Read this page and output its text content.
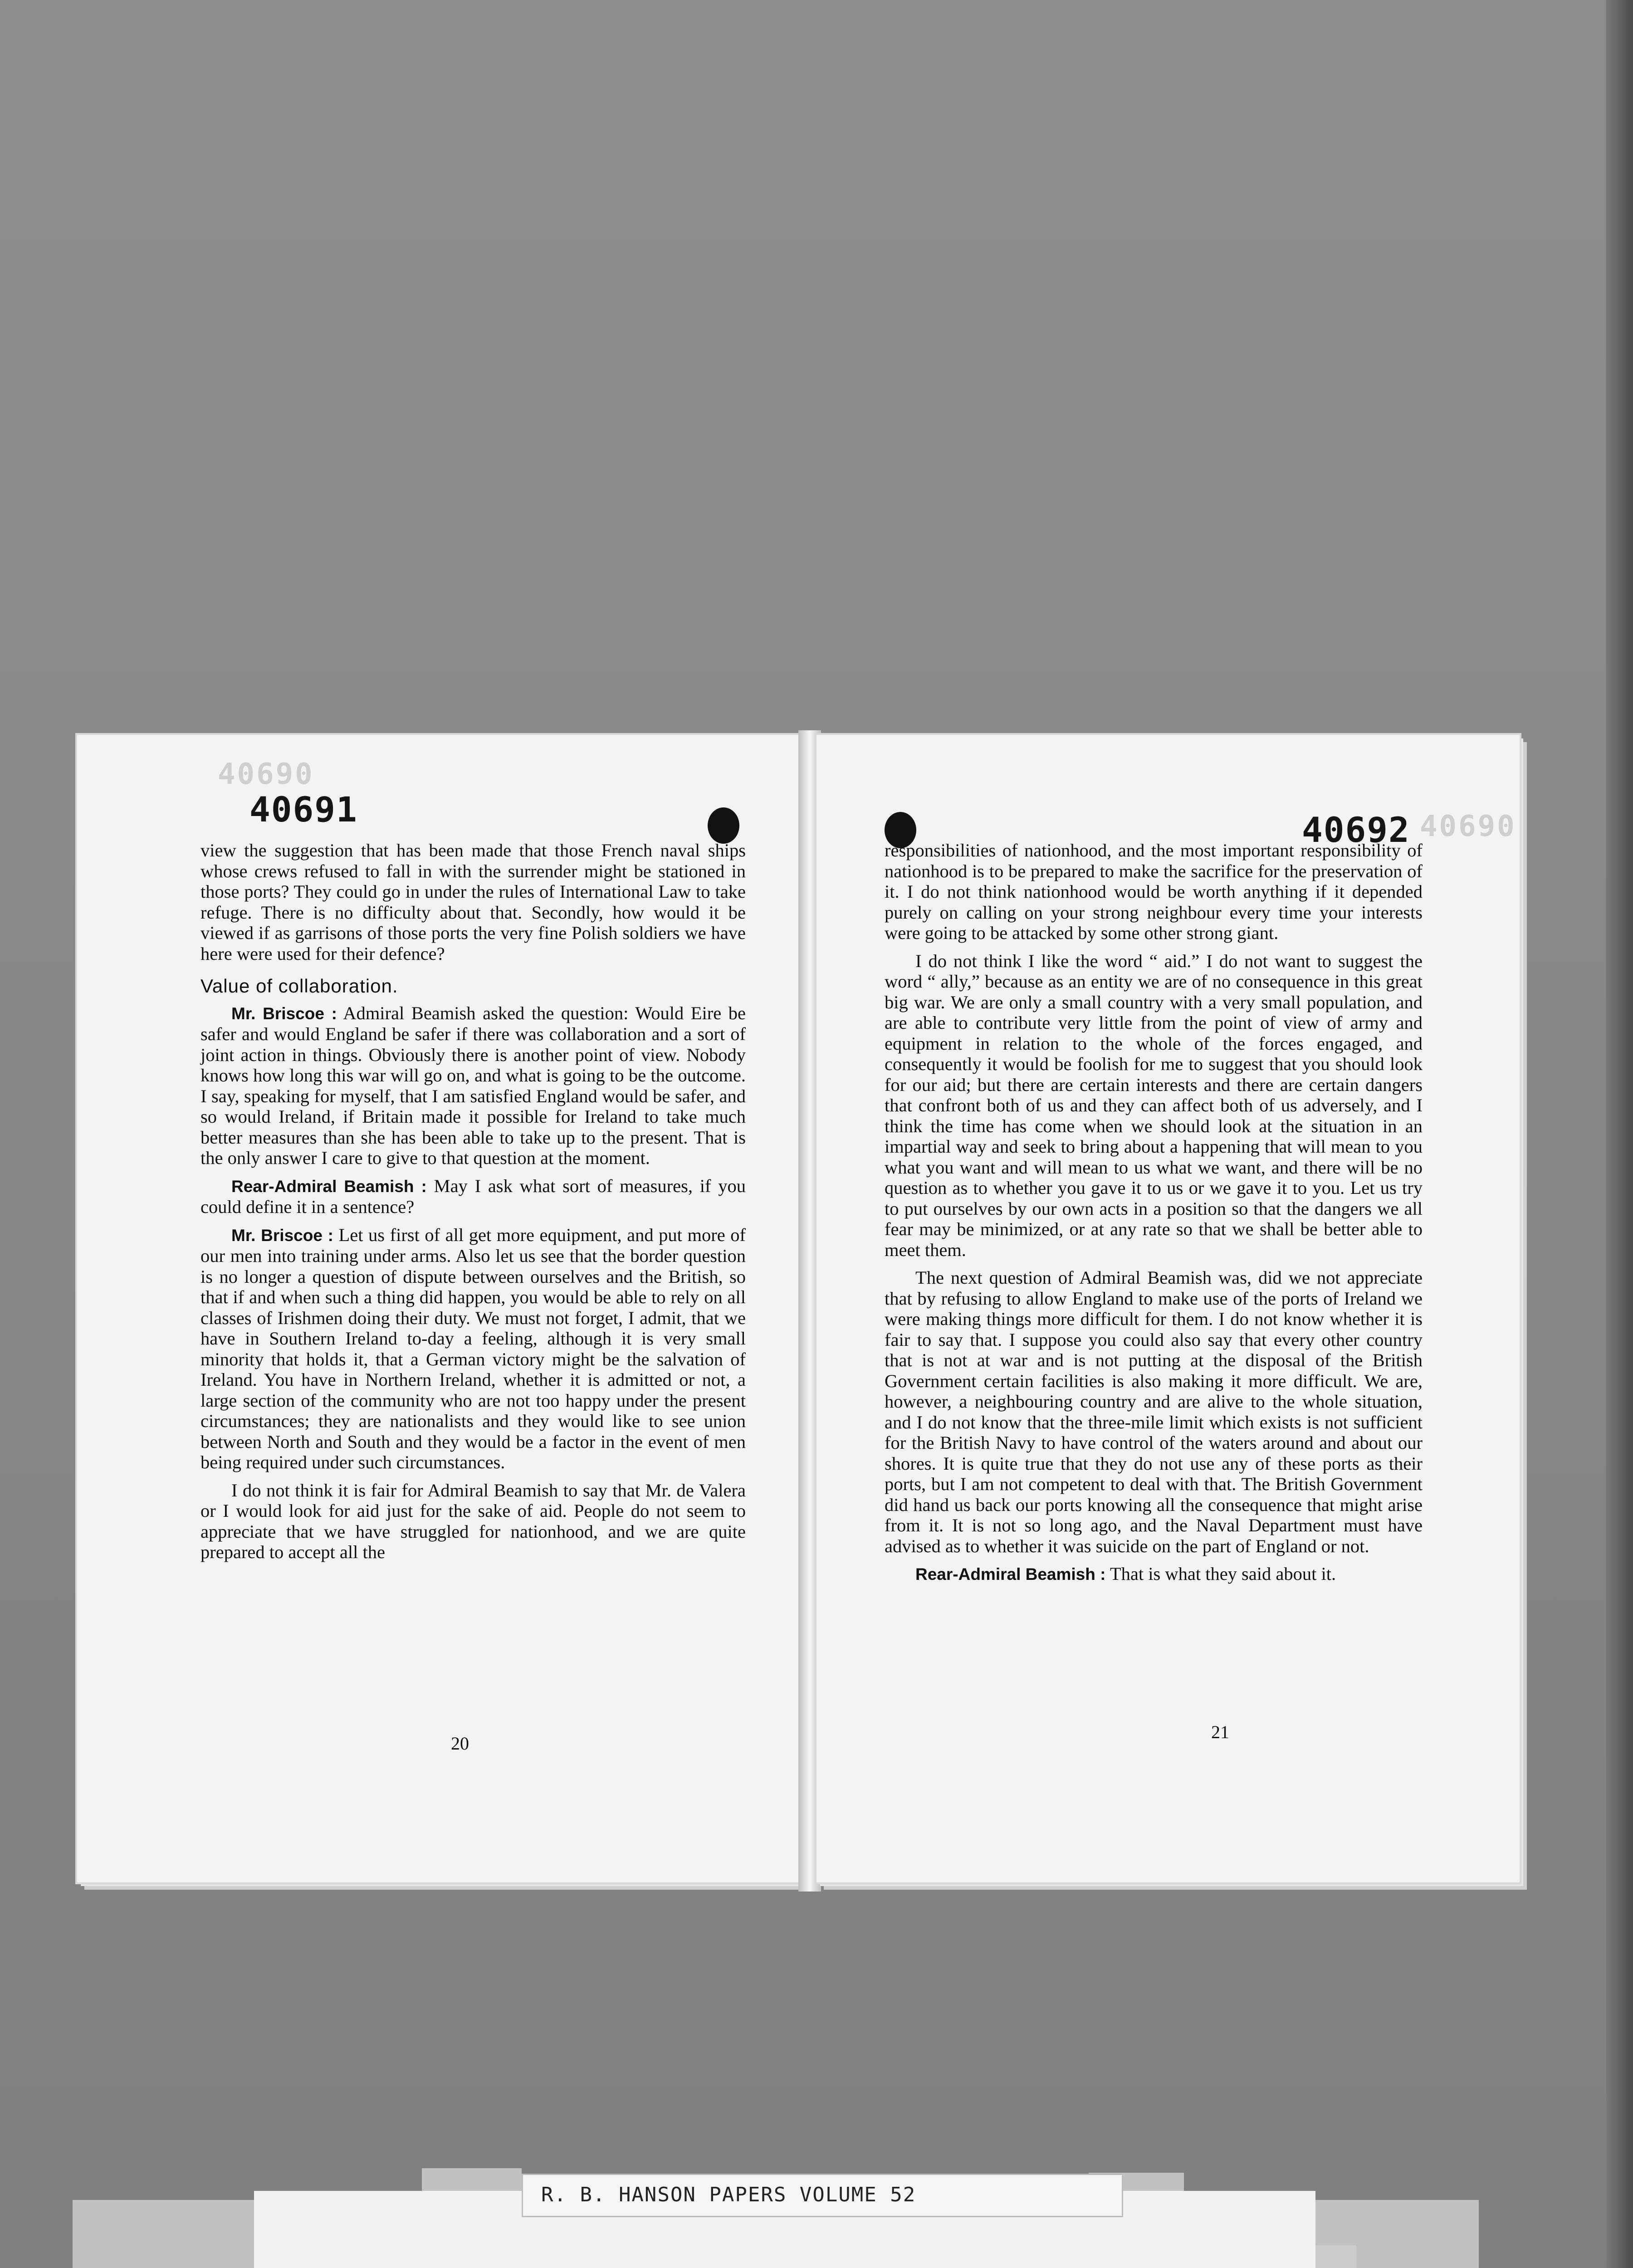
40690
40691

view the suggestion that has been made that those French naval ships whose crews refused to fall in with the surrender might be stationed in those ports? They could go in under the rules of International Law to take refuge. There is no difficulty about that. Secondly, how would it be viewed if as garrisons of those ports the very fine Polish soldiers we have here were used for their defence?

Value of collaboration.

Mr. Briscoe : Admiral Beamish asked the question: Would Eire be safer and would England be safer if there was collaboration and a sort of joint action in things. Obviously there is another point of view. Nobody knows how long this war will go on, and what is going to be the outcome. I say, speaking for myself, that I am satisfied England would be safer, and so would Ireland, if Britain made it possible for Ireland to take much better measures than she has been able to take up to the present. That is the only answer I care to give to that question at the moment.

Rear-Admiral Beamish : May I ask what sort of measures, if you could define it in a sentence?

Mr. Briscoe : Let us first of all get more equipment, and put more of our men into training under arms. Also let us see that the border question is no longer a question of dispute between ourselves and the British, so that if and when such a thing did happen, you would be able to rely on all classes of Irishmen doing their duty. We must not forget, I admit, that we have in Southern Ireland to-day a feeling, although it is very small minority that holds it, that a German victory might be the salvation of Ireland. You have in Northern Ireland, whether it is admitted or not, a large section of the community who are not too happy under the present circumstances; they are nationalists and they would like to see union between North and South and they would be a factor in the event of men being required under such circumstances.

I do not think it is fair for Admiral Beamish to say that Mr. de Valera or I would look for aid just for the sake of aid. People do not seem to appreciate that we have struggled for nationhood, and we are quite prepared to accept all the

20
40690
40692

responsibilities of nationhood, and the most important responsibility of nationhood is to be prepared to make the sacrifice for the preservation of it. I do not think nationhood would be worth anything if it depended purely on calling on your strong neighbour every time your interests were going to be attacked by some other strong giant.

I do not think I like the word “ aid.” I do not want to suggest the word “ ally,” because as an entity we are of no consequence in this great big war. We are only a small country with a very small population, and are able to contribute very little from the point of view of army and equipment in relation to the whole of the forces engaged, and consequently it would be foolish for me to suggest that you should look for our aid; but there are certain interests and there are certain dangers that confront both of us and they can affect both of us adversely, and I think the time has come when we should look at the situation in an impartial way and seek to bring about a happening that will mean to you what you want and will mean to us what we want, and there will be no question as to whether you gave it to us or we gave it to you. Let us try to put ourselves by our own acts in a position so that the dangers we all fear may be minimized, or at any rate so that we shall be better able to meet them.

The next question of Admiral Beamish was, did we not appreciate that by refusing to allow England to make use of the ports of Ireland we were making things more difficult for them. I do not know whether it is fair to say that. I suppose you could also say that every other country that is not at war and is not putting at the disposal of the British Government certain facilities is also making it more difficult. We are, however, a neighbouring country and are alive to the whole situation, and I do not know that the three-mile limit which exists is not sufficient for the British Navy to have control of the waters around and about our shores. It is quite true that they do not use any of these ports as their ports, but I am not competent to deal with that. The British Government did hand us back our ports knowing all the consequence that might arise from it. It is not so long ago, and the Naval Department must have advised as to whether it was suicide on the part of England or not.

Rear-Admiral Beamish : That is what they said about it.

21
R. B. HANSON PAPERS VOLUME 52
